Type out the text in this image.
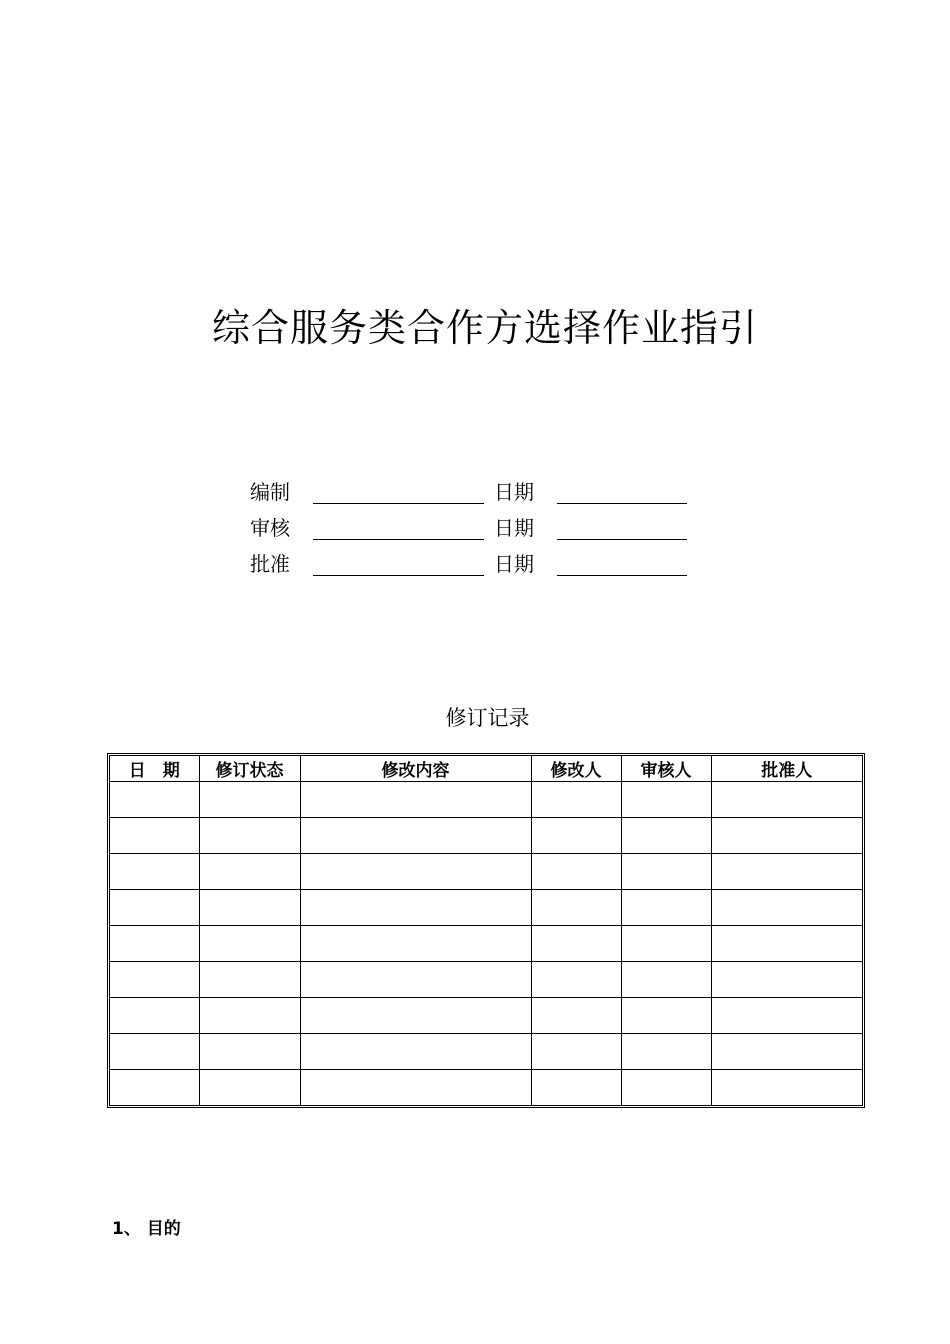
综合服务类合作方选择作业指引
编制	日期
审核	日期
批准	日期
修订记录
日　期	修订状态	修改内容	修改人	审核人	批准人

1、 目的
